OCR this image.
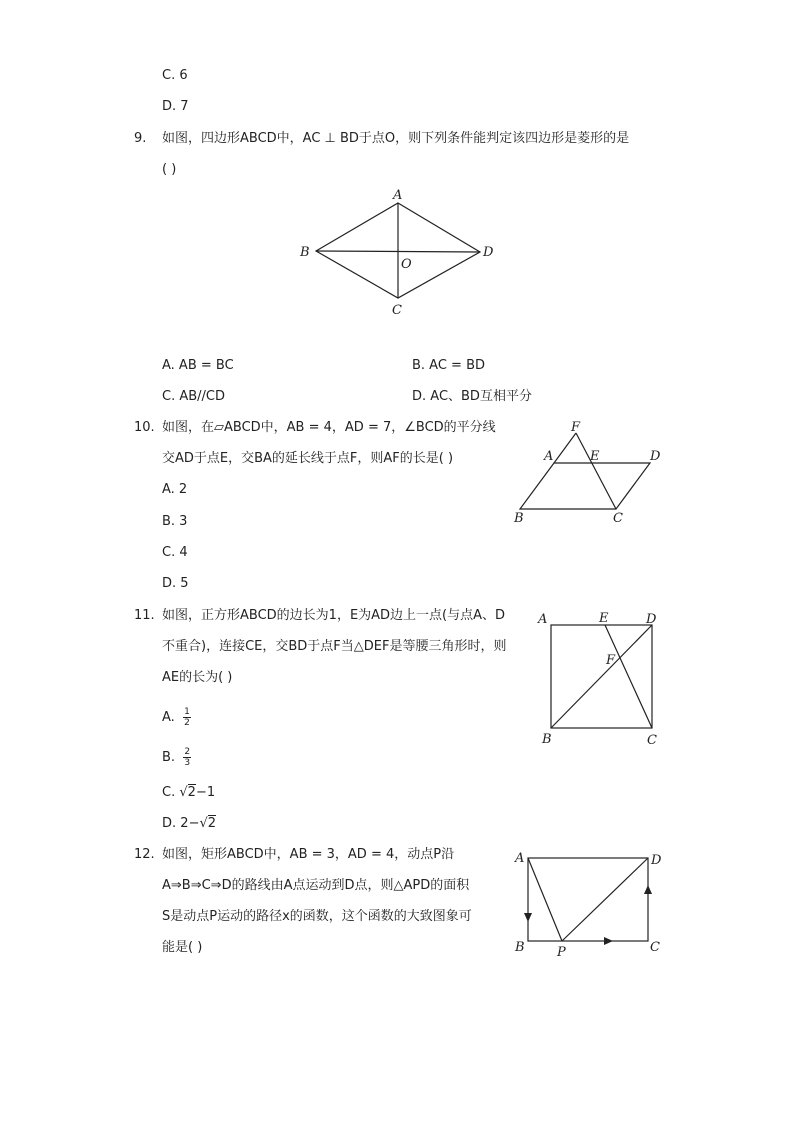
C. 6
D. 7
9. 如图，四边形ABCD中，AC ⊥ BD于点O，则下列条件能判定该四边形是菱形的是
( )
A
B	D
O
C
A. AB = BC	B. AC = BD
C. AB//CD	D. AC、BD互相平分
10. 如图，在▱ABCD中，AB = 4，AD = 7，∠BCD的平分线
交AD于点E，交BA的延长线于点F，则AF的长是( )
A. 2
B. 3
C. 4
D. 5
F
A	E	D
B	C
11. 如图，正方形ABCD的边长为1，E为AD边上一点(与点A、D
不重合)，连接CE，交BD于点F当△DEF是等腰三角形时，则
AE的长为( )
A. $\frac{1}{2}$
B. $\frac{2}{3}$
C. √2−1
D. 2−√2
A	E	D
F
B	C
12. 如图，矩形ABCD中，AB = 3，AD = 4，动点P沿
A⇒B⇒C⇒D的路线由A点运动到D点，则△APD的面积
S是动点P运动的路径x的函数，这个函数的大致图象可
能是( )
A	D
B P	C
